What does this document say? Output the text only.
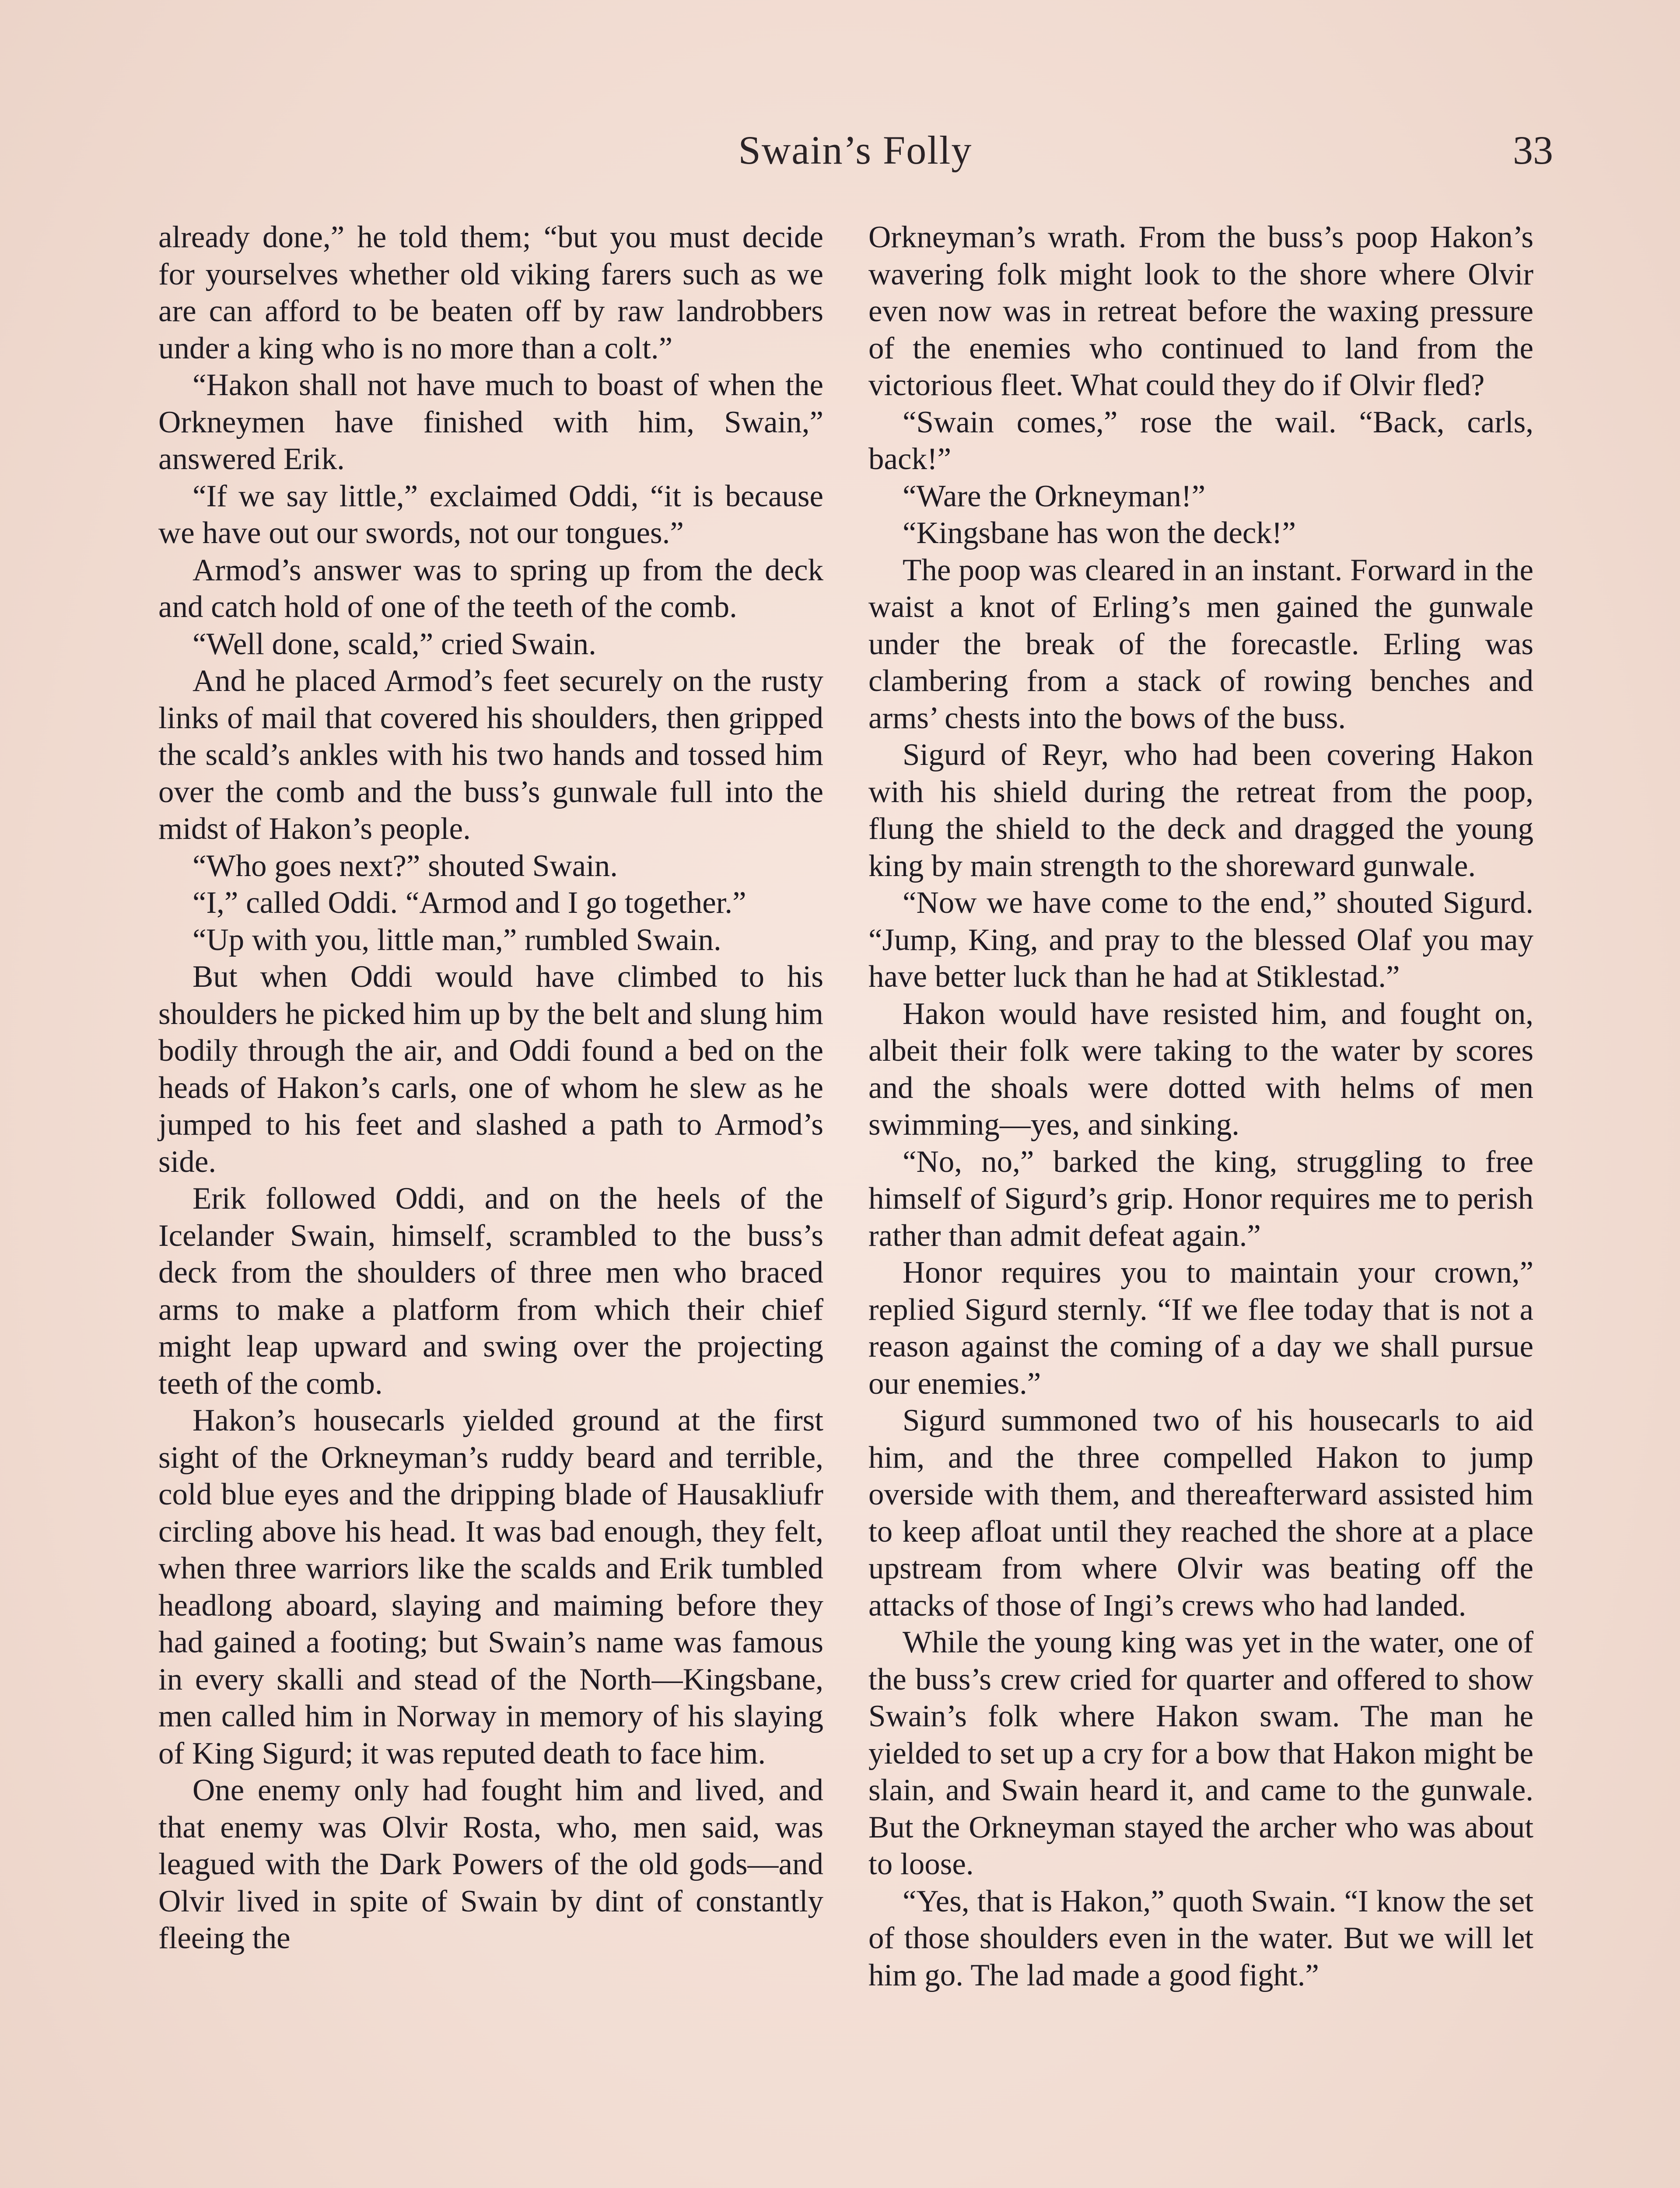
Swain’s Folly	33

already done,” he told them; “but you must decide for yourselves whether old viking farers such as we are can afford to be beaten off by raw landrobbers under a king who is no more than a colt.”

“Hakon shall not have much to boast of when the Orkneymen have finished with him, Swain,” answered Erik.

“If we say little,” exclaimed Oddi, “it is because we have out our swords, not our tongues.”

Armod’s answer was to spring up from the deck and catch hold of one of the teeth of the comb.

“Well done, scald,” cried Swain.

And he placed Armod’s feet securely on the rusty links of mail that covered his shoulders, then gripped the scald’s ankles with his two hands and tossed him over the comb and the buss’s gunwale full into the midst of Hakon’s people.

“Who goes next?” shouted Swain.

“I,” called Oddi. “Armod and I go together.”

“Up with you, little man,” rumbled Swain.

But when Oddi would have climbed to his shoulders he picked him up by the belt and slung him bodily through the air, and Oddi found a bed on the heads of Hakon’s carls, one of whom he slew as he jumped to his feet and slashed a path to Armod’s side.

Erik followed Oddi, and on the heels of the Icelander Swain, himself, scrambled to the buss’s deck from the shoulders of three men who braced arms to make a platform from which their chief might leap upward and swing over the projecting teeth of the comb.

Hakon’s housecarls yielded ground at the first sight of the Orkneyman’s ruddy beard and terrible, cold blue eyes and the dripping blade of Hausakliufr circling above his head. It was bad enough, they felt, when three warriors like the scalds and Erik tumbled headlong aboard, slaying and maiming before they had gained a footing; but Swain’s name was famous in every skalli and stead of the North—Kingsbane, men called him in Norway in memory of his slaying of King Sigurd; it was reputed death to face him.

One enemy only had fought him and lived, and that enemy was Olvir Rosta, who, men said, was leagued with the Dark Powers of the old gods—and Olvir lived in spite of Swain by dint of constantly fleeing the

Orkneyman’s wrath. From the buss’s poop Hakon’s wavering folk might look to the shore where Olvir even now was in retreat before the waxing pressure of the enemies who continued to land from the victorious fleet. What could they do if Olvir fled?

“Swain comes,” rose the wail. “Back, carls, back!”

“Ware the Orkneyman!”

“Kingsbane has won the deck!”

The poop was cleared in an instant. Forward in the waist a knot of Erling’s men gained the gunwale under the break of the forecastle. Erling was clambering from a stack of rowing benches and arms’ chests into the bows of the buss.

Sigurd of Reyr, who had been covering Hakon with his shield during the retreat from the poop, flung the shield to the deck and dragged the young king by main strength to the shoreward gunwale.

“Now we have come to the end,” shouted Sigurd. “Jump, King, and pray to the blessed Olaf you may have better luck than he had at Stiklestad.”

Hakon would have resisted him, and fought on, albeit their folk were taking to the water by scores and the shoals were dotted with helms of men swimming—yes, and sinking.

“No, no,” barked the king, struggling to free himself of Sigurd’s grip. Honor requires me to perish rather than admit defeat again.”

Honor requires you to maintain your crown,” replied Sigurd sternly. “If we flee today that is not a reason against the coming of a day we shall pursue our enemies.”

Sigurd summoned two of his housecarls to aid him, and the three compelled Hakon to jump overside with them, and thereafterward assisted him to keep afloat until they reached the shore at a place upstream from where Olvir was beating off the attacks of those of Ingi’s crews who had landed.

While the young king was yet in the water, one of the buss’s crew cried for quarter and offered to show Swain’s folk where Hakon swam. The man he yielded to set up a cry for a bow that Hakon might be slain, and Swain heard it, and came to the gunwale. But the Orkneyman stayed the archer who was about to loose.

“Yes, that is Hakon,” quoth Swain. “I know the set of those shoulders even in the water. But we will let him go. The lad made a good fight.”
